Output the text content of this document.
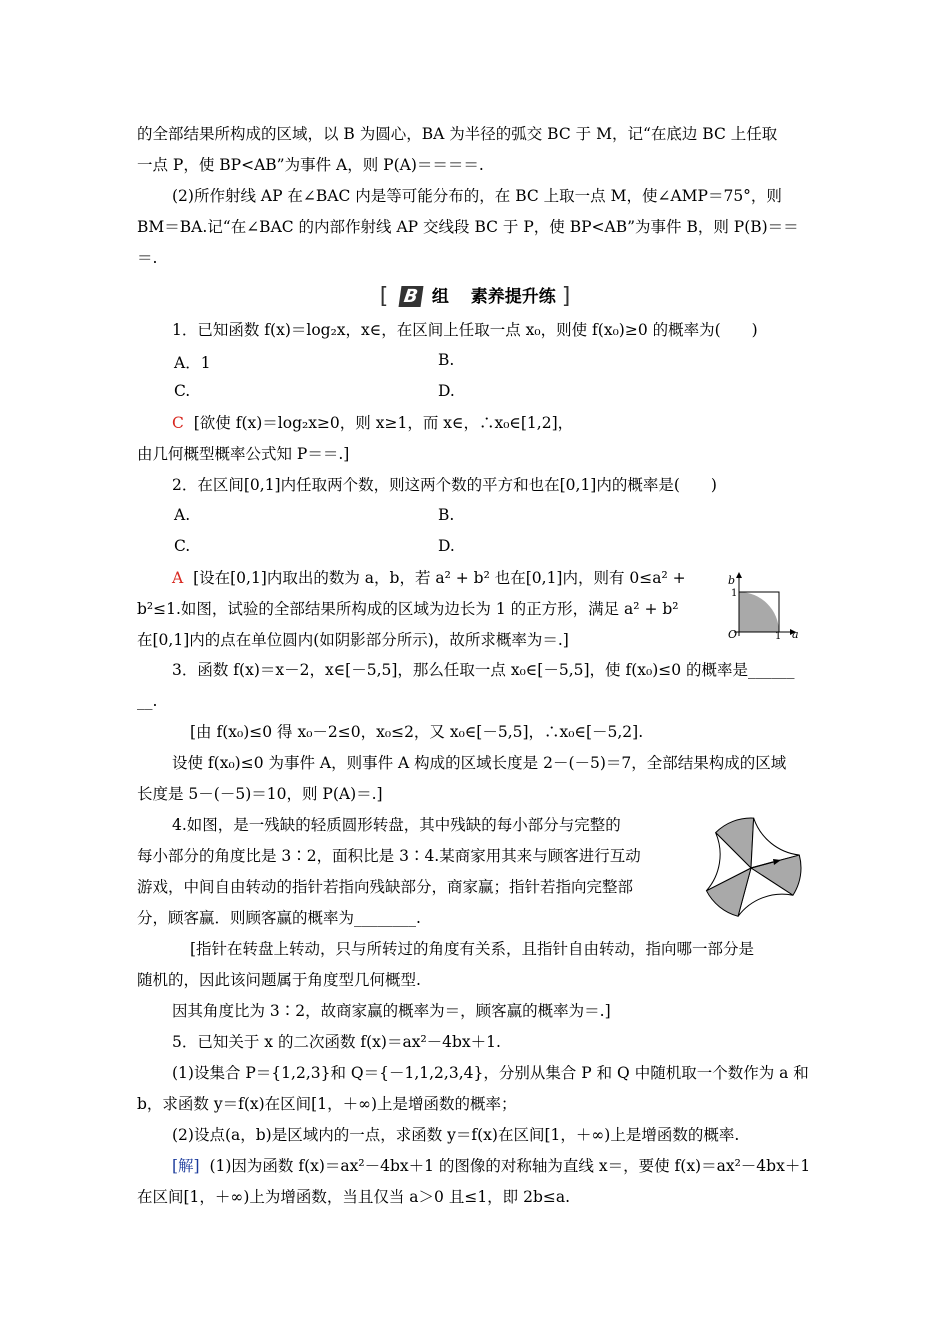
的全部结果所构成的区域，以 B 为圆心，BA 为半径的弧交 BC 于 M，记“在底边 BC 上任取
一点 P，使 BP<AB”为事件 A，则 P(A)＝＝＝＝.
(2)所作射线 AP 在∠BAC 内是等可能分布的，在 BC 上取一点 M，使∠AMP＝75°，则
BM＝BA.记“在∠BAC 的内部作射线 AP 交线段 BC 于 P，使 BP<AB”为事件 B，则 P(B)＝＝
＝.
[ B 组 素养提升练 ]
1．已知函数 f(x)＝log₂x，x∈，在区间上任取一点 x₀，则使 f(x₀)≥0 的概率为(　　)
A．1	B.
C.	D.
C [欲使 f(x)＝log₂x≥0，则 x≥1，而 x∈，∴x₀∈[1,2]，
由几何概型概率公式知 P＝＝.]
2．在区间[0,1]内任取两个数，则这两个数的平方和也在[0,1]内的概率是(　　)
A.	B.
C.	D.
A [设在[0,1]内取出的数为 a，b，若 a² + b² 也在[0,1]内，则有 0≤a² +
b²≤1.如图，试验的全部结果所构成的区域为边长为 1 的正方形，满足 a² + b²
在[0,1]内的点在单位圆内(如阴影部分所示)，故所求概率为＝.]
b
a
O	1
1
3．函数 f(x)＝x－2，x∈[－5,5]，那么任取一点 x₀∈[－5,5]，使 f(x₀)≤0 的概率是______
__.
[由 f(x₀)≤0 得 x₀－2≤0，x₀≤2，又 x₀∈[－5,5]，∴x₀∈[－5,2].
设使 f(x₀)≤0 为事件 A，则事件 A 构成的区域长度是 2－(－5)＝7，全部结果构成的区域
长度是 5－(－5)＝10，则 P(A)＝.]
4.如图，是一残缺的轻质圆形转盘，其中残缺的每小部分与完整的
每小部分的角度比是 3∶2，面积比是 3∶4.某商家用其来与顾客进行互动
游戏，中间自由转动的指针若指向残缺部分，商家赢；指针若指向完整部
分，顾客赢．则顾客赢的概率为________.
[指针在转盘上转动，只与所转过的角度有关系，且指针自由转动，指向哪一部分是
随机的，因此该问题属于角度型几何概型.
因其角度比为 3∶2，故商家赢的概率为＝，顾客赢的概率为＝.]
5．已知关于 x 的二次函数 f(x)＝ax²－4bx＋1.
(1)设集合 P＝{1,2,3}和 Q＝{－1,1,2,3,4}，分别从集合 P 和 Q 中随机取一个数作为 a 和
b，求函数 y＝f(x)在区间[1，＋∞)上是增函数的概率；
(2)设点(a，b)是区域内的一点，求函数 y＝f(x)在区间[1，＋∞)上是增函数的概率.
[解] (1)因为函数 f(x)＝ax²－4bx＋1 的图像的对称轴为直线 x＝，要使 f(x)＝ax²－4bx＋1
在区间[1，＋∞)上为增函数，当且仅当 a＞0 且≤1，即 2b≤a.
